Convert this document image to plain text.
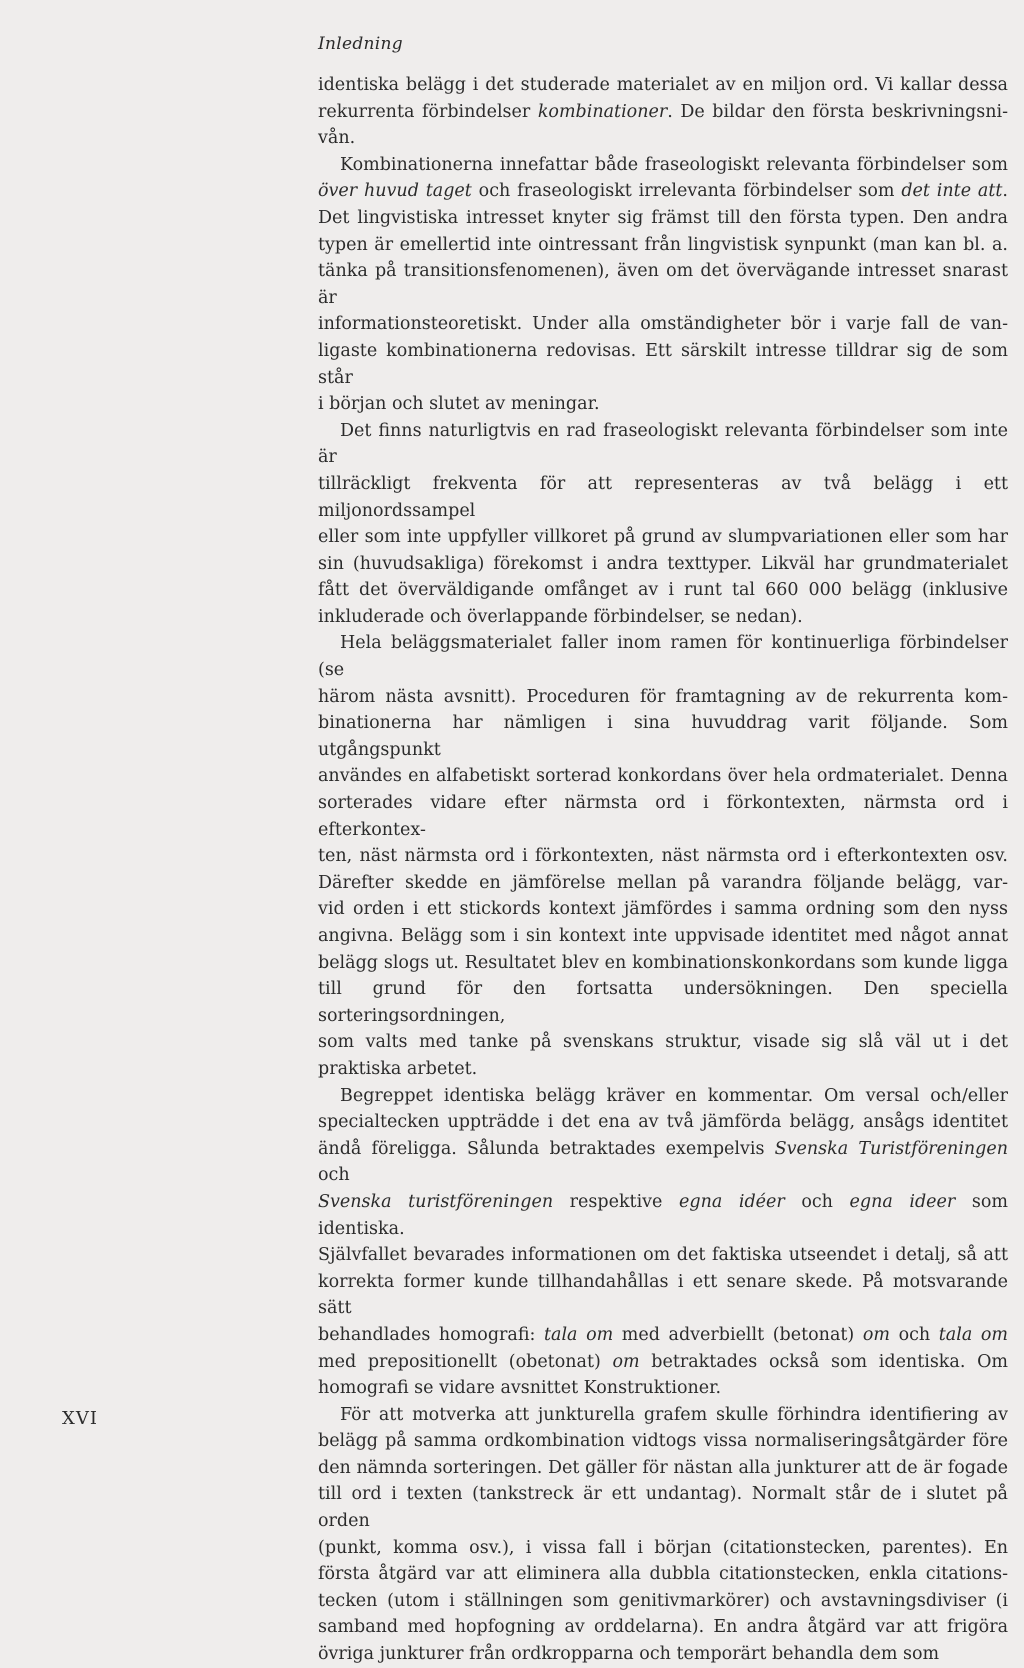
Inledning

identiska belägg i det studerade materialet av en miljon ord. Vi kallar dessa
rekurrenta förbindelser kombinationer. De bildar den första beskrivningsni-
vån.

Kombinationerna innefattar både fraseologiskt relevanta förbindelser som
över huvud taget och fraseologiskt irrelevanta förbindelser som det inte att.
Det lingvistiska intresset knyter sig främst till den första typen. Den andra
typen är emellertid inte ointressant från lingvistisk synpunkt (man kan bl. a.
tänka på transitionsfenomenen), även om det övervägande intresset snarast är
informationsteoretiskt. Under alla omständigheter bör i varje fall de van-
ligaste kombinationerna redovisas. Ett särskilt intresse tilldrar sig de som står
i början och slutet av meningar.

Det finns naturligtvis en rad fraseologiskt relevanta förbindelser som inte är
tillräckligt frekventa för att representeras av två belägg i ett miljonordssampel
eller som inte uppfyller villkoret på grund av slumpvariationen eller som har
sin (huvudsakliga) förekomst i andra texttyper. Likväl har grundmaterialet
fått det överväldigande omfånget av i runt tal 660 000 belägg (inklusive
inkluderade och överlappande förbindelser, se nedan).

Hela beläggsmaterialet faller inom ramen för kontinuerliga förbindelser (se
härom nästa avsnitt). Proceduren för framtagning av de rekurrenta kom-
binationerna har nämligen i sina huvuddrag varit följande. Som utgångspunkt
användes en alfabetiskt sorterad konkordans över hela ordmaterialet. Denna
sorterades vidare efter närmsta ord i förkontexten, närmsta ord i efterkontex-
ten, näst närmsta ord i förkontexten, näst närmsta ord i efterkontexten osv.
Därefter skedde en jämförelse mellan på varandra följande belägg, var-
vid orden i ett stickords kontext jämfördes i samma ordning som den nyss
angivna. Belägg som i sin kontext inte uppvisade identitet med något annat
belägg slogs ut. Resultatet blev en kombinationskonkordans som kunde ligga
till grund för den fortsatta undersökningen. Den speciella sorteringsordningen,
som valts med tanke på svenskans struktur, visade sig slå väl ut i det
praktiska arbetet.

Begreppet identiska belägg kräver en kommentar. Om versal och/eller
specialtecken uppträdde i det ena av två jämförda belägg, ansågs identitet
ändå föreligga. Sålunda betraktades exempelvis Svenska Turistföreningen och
Svenska turistföreningen respektive egna idéer och egna ideer som identiska.
Självfallet bevarades informationen om det faktiska utseendet i detalj, så att
korrekta former kunde tillhandahållas i ett senare skede. På motsvarande sätt
behandlades homografi: tala om med adverbiellt (betonat) om och tala om
med prepositionellt (obetonat) om betraktades också som identiska. Om
homografi se vidare avsnittet Konstruktioner.

För att motverka att junkturella grafem skulle förhindra identifiering av
belägg på samma ordkombination vidtogs vissa normaliseringsåtgärder före
den nämnda sorteringen. Det gäller för nästan alla junkturer att de är fogade
till ord i texten (tankstreck är ett undantag). Normalt står de i slutet på orden
(punkt, komma osv.), i vissa fall i början (citationstecken, parentes). En
första åtgärd var att eliminera alla dubbla citationstecken, enkla citations-
tecken (utom i ställningen som genitivmarkörer) och avstavningsdiviser (i
samband med hopfogning av orddelarna). En andra åtgärd var att frigöra
övriga junkturer från ordkropparna och temporärt behandla dem som

XVI
